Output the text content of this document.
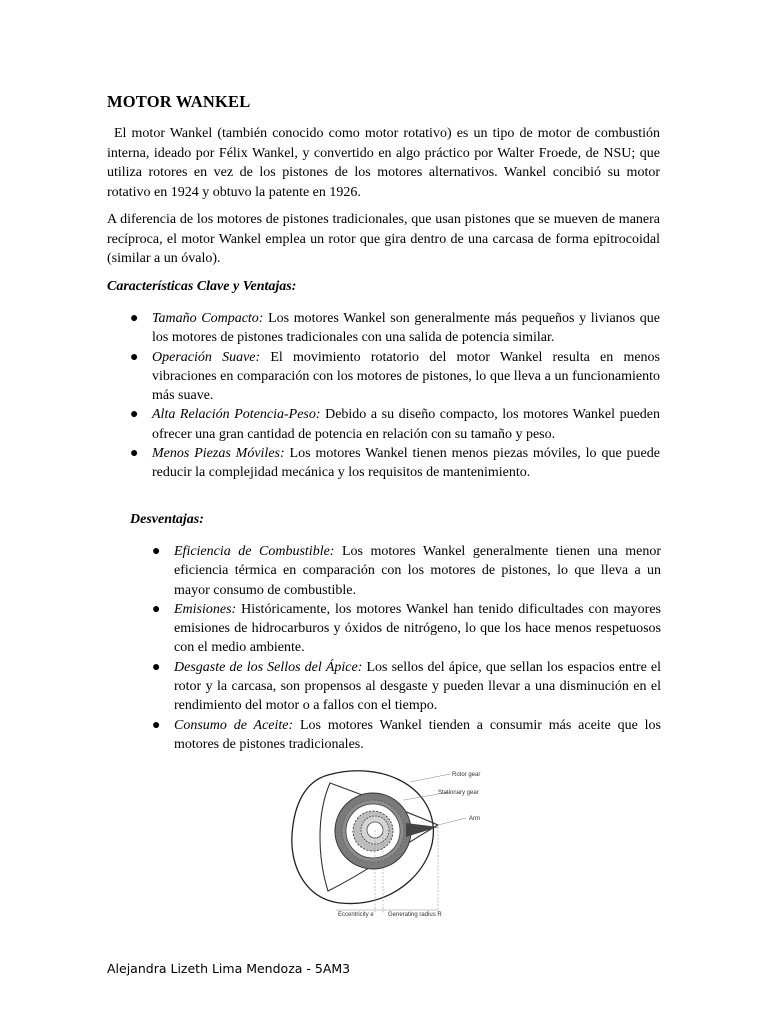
MOTOR WANKEL

El motor Wankel (también conocido como motor rotativo) es un tipo de motor de combustión interna, ideado por Félix Wankel, y convertido en algo práctico por Walter Froede, de NSU; que utiliza rotores en vez de los pistones de los motores alternativos. Wankel concibió su motor rotativo en 1924 y obtuvo la patente en 1926.

A diferencia de los motores de pistones tradicionales, que usan pistones que se mueven de manera recíproca, el motor Wankel emplea un rotor que gira dentro de una carcasa de forma epitrocoidal (similar a un óvalo).

Características Clave y Ventajas:

● Tamaño Compacto: Los motores Wankel son generalmente más pequeños y livianos que los motores de pistones tradicionales con una salida de potencia similar.
● Operación Suave: El movimiento rotatorio del motor Wankel resulta en menos vibraciones en comparación con los motores de pistones, lo que lleva a un funcionamiento más suave.
● Alta Relación Potencia-Peso: Debido a su diseño compacto, los motores Wankel pueden ofrecer una gran cantidad de potencia en relación con su tamaño y peso.
● Menos Piezas Móviles: Los motores Wankel tienen menos piezas móviles, lo que puede reducir la complejidad mecánica y los requisitos de mantenimiento.

Desventajas:

● Eficiencia de Combustible: Los motores Wankel generalmente tienen una menor eficiencia térmica en comparación con los motores de pistones, lo que lleva a un mayor consumo de combustible.
● Emisiones: Históricamente, los motores Wankel han tenido dificultades con mayores emisiones de hidrocarburos y óxidos de nitrógeno, lo que los hace menos respetuosos con el medio ambiente.
● Desgaste de los Sellos del Ápice: Los sellos del ápice, que sellan los espacios entre el rotor y la carcasa, son propensos al desgaste y pueden llevar a una disminución en el rendimiento del motor o a fallos con el tiempo.
● Consumo de Aceite: Los motores Wankel tienden a consumir más aceite que los motores de pistones tradicionales.
Rotor gear
Stationary gear
Arm
Eccentricity e Generating radius R

Alejandra Lizeth Lima Mendoza - 5AM3
